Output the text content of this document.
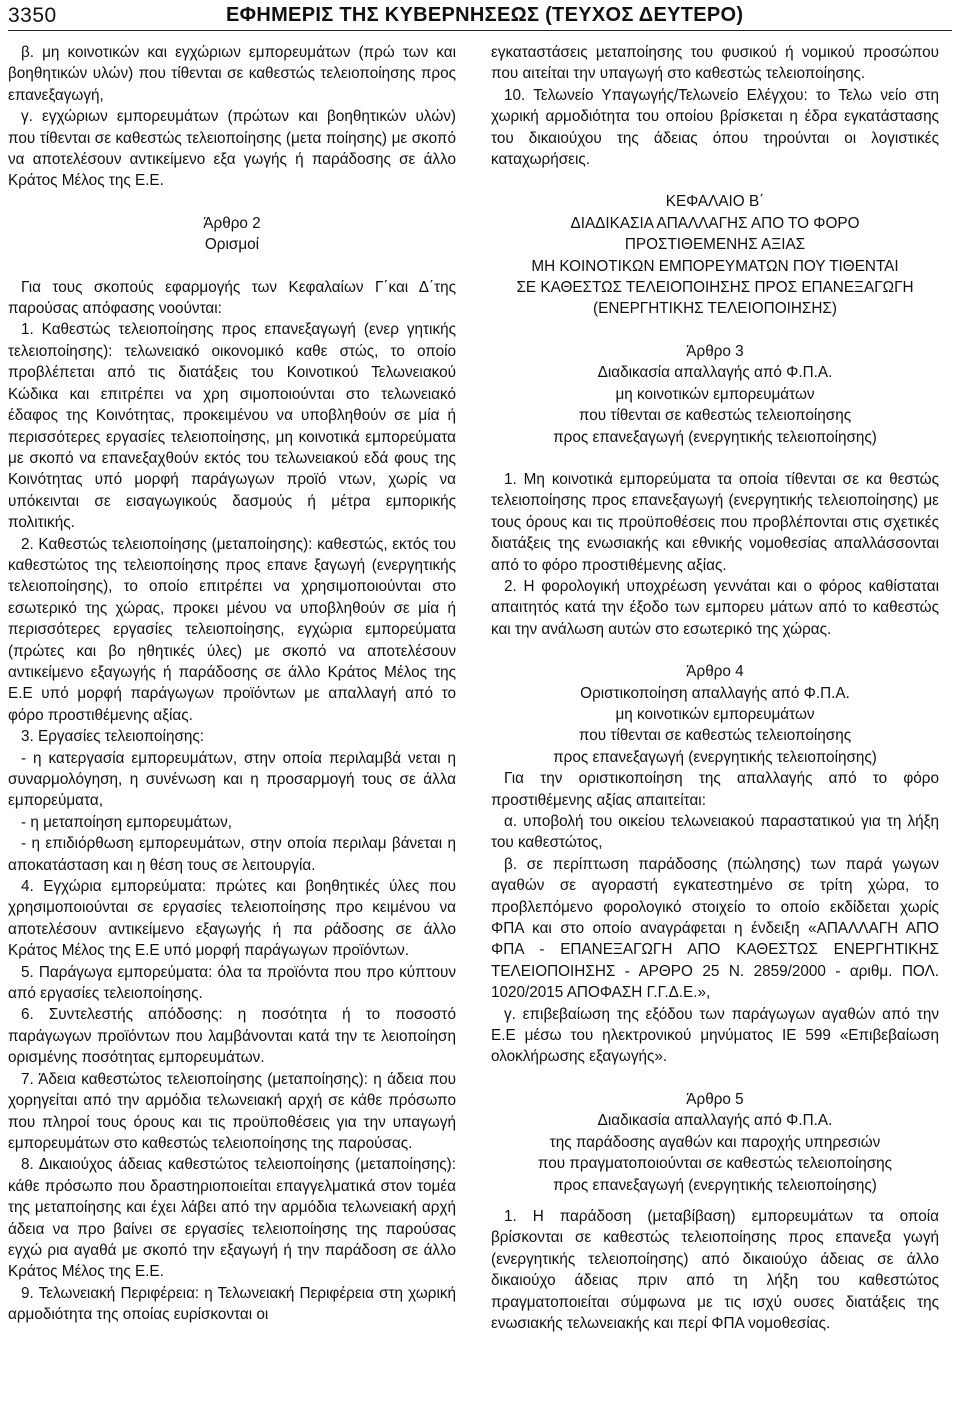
3350	ΕΦΗΜΕΡΙΣ ΤΗΣ ΚΥΒΕΡΝΗΣΕΩΣ (ΤΕΥΧΟΣ ΔΕΥΤΕΡΟ)

β. μη κοινοτικών και εγχώριων εμπορευμάτων (πρώ των και βοηθητικών υλών) που τίθενται σε καθεστώς τελειοποίησης προς επανεξαγωγή,

γ. εγχώριων εμπορευμάτων (πρώτων και βοηθητικών υλών) που τίθενται σε καθεστώς τελειοποίησης (μετα ποίησης) με σκοπό να αποτελέσουν αντικείμενο εξα γωγής ή παράδοσης σε άλλο Κράτος Μέλος της Ε.Ε.

Άρθρο 2

Ορισμοί

Για τους σκοπούς εφαρμογής των Κεφαλαίων Γ΄και Δ΄της παρούσας απόφασης νοούνται:

1. Καθεστώς τελειοποίησης προς επανεξαγωγή (ενερ γητικής τελειοποίησης): τελωνειακό οικονομικό καθε στώς, το οποίο προβλέπεται από τις διατάξεις του Κοινοτικού Τελωνειακού Κώδικα και επιτρέπει να χρη σιμοποιούνται στο τελωνειακό έδαφος της Κοινότητας, προκειμένου να υποβληθούν σε μία ή περισσότερες εργασίες τελειοποίησης, μη κοινοτικά εμπορεύματα με σκοπό να επανεξαχθούν εκτός του τελωνειακού εδά φους της Κοινότητας υπό μορφή παράγωγων προϊό ντων, χωρίς να υπόκεινται σε εισαγωγικούς δασμούς ή μέτρα εμπορικής πολιτικής.

2. Καθεστώς τελειοποίησης (μεταποίησης): καθεστώς, εκτός του καθεστώτος της τελειοποίησης προς επανε ξαγωγή (ενεργητικής τελειοποίησης), το οποίο επιτρέπει να χρησιμοποιούνται στο εσωτερικό της χώρας, προκει μένου να υποβληθούν σε μία ή περισσότερες εργασίες τελειοποίησης, εγχώρια εμπορεύματα (πρώτες και βο ηθητικές ύλες) με σκοπό να αποτελέσουν αντικείμενο εξαγωγής ή παράδοσης σε άλλο Κράτος Μέλος της Ε.Ε υπό μορφή παράγωγων προϊόντων με απαλλαγή από το φόρο προστιθέμενης αξίας.

3. Εργασίες τελειοποίησης:

- η κατεργασία εμπορευμάτων, στην οποία περιλαμβά νεται η συναρμολόγηση, η συνένωση και η προσαρμογή τους σε άλλα εμπορεύματα,

- η μεταποίηση εμπορευμάτων,

- η επιδιόρθωση εμπορευμάτων, στην οποία περιλαμ βάνεται η αποκατάσταση και η θέση τους σε λειτουργία.

4. Εγχώρια εμπορεύματα: πρώτες και βοηθητικές ύλες που χρησιμοποιούνται σε εργασίες τελειοποίησης προ κειμένου να αποτελέσουν αντικείμενο εξαγωγής ή πα ράδοσης σε άλλο Κράτος Μέλος της Ε.Ε υπό μορφή παράγωγων προϊόντων.

5. Παράγωγα εμπορεύματα: όλα τα προϊόντα που προ κύπτουν από εργασίες τελειοποίησης.

6. Συντελεστής απόδοσης: η ποσότητα ή το ποσοστό παράγωγων προϊόντων που λαμβάνονται κατά την τε λειοποίηση ορισμένης ποσότητας εμπορευμάτων.

7. Άδεια καθεστώτος τελειοποίησης (μεταποίησης): η άδεια που χορηγείται από την αρμόδια τελωνειακή αρχή σε κάθε πρόσωπο που πληροί τους όρους και τις προϋποθέσεις για την υπαγωγή εμπορευμάτων στο καθεστώς τελειοποίησης της παρούσας.

8. Δικαιούχος άδειας καθεστώτος τελειοποίησης (μεταποίησης): κάθε πρόσωπο που δραστηριοποιείται επαγγελματικά στον τομέα της μεταποίησης και έχει λάβει από την αρμόδια τελωνειακή αρχή άδεια να προ βαίνει σε εργασίες τελειοποίησης της παρούσας εγχώ ρια αγαθά με σκοπό την εξαγωγή ή την παράδοση σε άλλο Κράτος Μέλος της Ε.Ε.

9. Τελωνειακή Περιφέρεια: η Τελωνειακή Περιφέρεια στη χωρική αρμοδιότητα της οποίας ευρίσκονται οι

εγκαταστάσεις μεταποίησης του φυσικού ή νομικού προσώπου που αιτείται την υπαγωγή στο καθεστώς τελειοποίησης.

10. Τελωνείο Υπαγωγής/Τελωνείο Ελέγχου: το Τελω νείο στη χωρική αρμοδιότητα του οποίου βρίσκεται η έδρα εγκατάστασης του δικαιούχου της άδειας όπου τηρούνται οι λογιστικές καταχωρήσεις.

ΚΕΦΑΛΑΙΟ Β΄

ΔΙΑΔΙΚΑΣΙΑ ΑΠΑΛΛΑΓΗΣ ΑΠΟ ΤΟ ΦΟΡΟ

ΠΡΟΣΤΙΘΕΜΕΝΗΣ ΑΞΙΑΣ

ΜΗ ΚΟΙΝΟΤΙΚΩΝ ΕΜΠΟΡΕΥΜΑΤΩΝ ΠΟΥ ΤΙΘΕΝΤΑΙ

ΣΕ ΚΑΘΕΣΤΩΣ ΤΕΛΕΙΟΠΟΙΗΣΗΣ ΠΡΟΣ ΕΠΑΝΕΞΑΓΩΓΗ

(ΕΝΕΡΓΗΤΙΚΗΣ ΤΕΛΕΙΟΠΟΙΗΣΗΣ)

Άρθρο 3

Διαδικασία απαλλαγής από Φ.Π.Α.

μη κοινοτικών εμπορευμάτων

που τίθενται σε καθεστώς τελειοποίησης

προς επανεξαγωγή (ενεργητικής τελειοποίησης)

1. Μη κοινοτικά εμπορεύματα τα οποία τίθενται σε κα θεστώς τελειοποίησης προς επανεξαγωγή (ενεργητικής τελειοποίησης) με τους όρους και τις προϋποθέσεις που προβλέπονται στις σχετικές διατάξεις της ενωσιακής και εθνικής νομοθεσίας απαλλάσσονται από το φόρο προστιθέμενης αξίας.

2. Η φορολογική υποχρέωση γεννάται και ο φόρος καθίσταται απαιτητός κατά την έξοδο των εμπορευ μάτων από το καθεστώς και την ανάλωση αυτών στο εσωτερικό της χώρας.

Άρθρο 4

Οριστικοποίηση απαλλαγής από Φ.Π.Α.

μη κοινοτικών εμπορευμάτων

που τίθενται σε καθεστώς τελειοποίησης

προς επανεξαγωγή (ενεργητικής τελειοποίησης)

Για την οριστικοποίηση της απαλλαγής από το φόρο προστιθέμενης αξίας απαιτείται:

α. υποβολή του οικείου τελωνειακού παραστατικού για τη λήξη του καθεστώτος,

β. σε περίπτωση παράδοσης (πώλησης) των παρά γωγων αγαθών σε αγοραστή εγκατεστημένο σε τρίτη χώρα, το προβλεπόμενο φορολογικό στοιχείο το οποίο εκδίδεται χωρίς ΦΠΑ και στο οποίο αναγράφεται η ένδειξη «ΑΠΑΛΛΑΓΗ ΑΠΟ ΦΠΑ - ΕΠΑΝΕΞΑΓΩΓΗ ΑΠΟ ΚΑΘΕΣΤΩΣ ΕΝΕΡΓΗΤΙΚΗΣ ΤΕΛΕΙΟΠΟΙΗΣΗΣ - ΑΡΘΡΟ 25 Ν. 2859/2000 - αριθμ. ΠΟΛ. 1020/2015 ΑΠΟΦΑΣΗ Γ.Γ.Δ.Ε.»,

γ. επιβεβαίωση της εξόδου των παράγωγων αγαθών από την Ε.Ε μέσω του ηλεκτρονικού μηνύματος ΙΕ 599 «Επιβεβαίωση ολοκλήρωσης εξαγωγής».

Άρθρο 5

Διαδικασία απαλλαγής από Φ.Π.Α.

της παράδοσης αγαθών και παροχής υπηρεσιών

που πραγματοποιούνται σε καθεστώς τελειοποίησης

προς επανεξαγωγή (ενεργητικής τελειοποίησης)

1. Η παράδοση (μεταβίβαση) εμπορευμάτων τα οποία βρίσκονται σε καθεστώς τελειοποίησης προς επανεξα γωγή (ενεργητικής τελειοποίησης) από δικαιούχο άδειας σε άλλο δικαιούχο άδειας πριν από τη λήξη του καθεστώτος πραγματοποιείται σύμφωνα με τις ισχύ ουσες διατάξεις της ενωσιακής τελωνειακής και περί ΦΠΑ νομοθεσίας.
